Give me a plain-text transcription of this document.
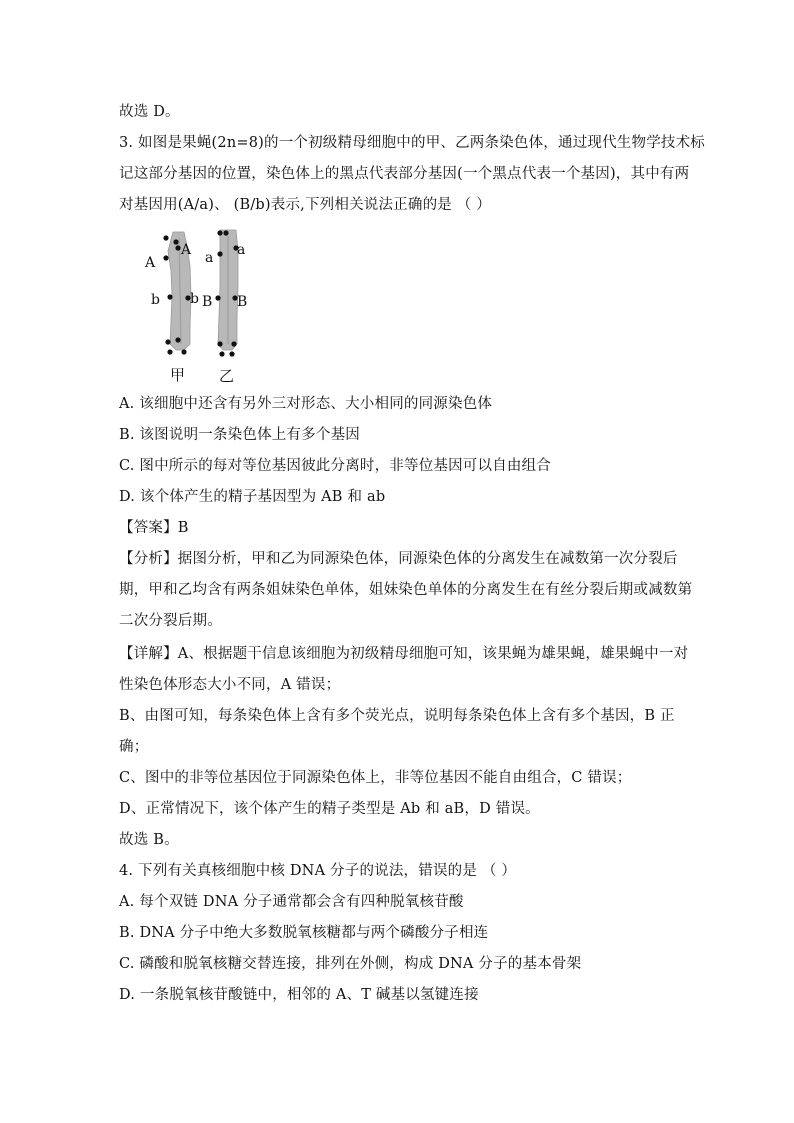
故选 D。
3. 如图是果蝇(2n=8)的一个初级精母细胞中的甲、乙两条染色体，通过现代生物学技术标
记这部分基因的位置，染色体上的黑点代表部分基因(一个黑点代表一个基因)，其中有两
对基因用(A/a)、 (B/b)表示,下列相关说法正确的是 （ ）
A
A
b b
a a
B B
甲 乙
A. 该细胞中还含有另外三对形态、大小相同的同源染色体
B. 该图说明一条染色体上有多个基因
C. 图中所示的每对等位基因彼此分离时，非等位基因可以自由组合
D. 该个体产生的精子基因型为 AB 和 ab
【答案】B
【分析】据图分析，甲和乙为同源染色体，同源染色体的分离发生在减数第一次分裂后
期，甲和乙均含有两条姐妹染色单体，姐妹染色单体的分离发生在有丝分裂后期或减数第
二次分裂后期。
【详解】A、根据题干信息该细胞为初级精母细胞可知，该果蝇为雄果蝇，雄果蝇中一对
性染色体形态大小不同，A 错误；
B、由图可知，每条染色体上含有多个荧光点，说明每条染色体上含有多个基因，B 正
确；
C、图中的非等位基因位于同源染色体上，非等位基因不能自由组合，C 错误；
D、正常情况下，该个体产生的精子类型是 Ab 和 aB，D 错误。
故选 B。
4. 下列有关真核细胞中核 DNA 分子的说法，错误的是 （ ）
A. 每个双链 DNA 分子通常都会含有四种脱氧核苷酸
B. DNA 分子中绝大多数脱氧核糖都与两个磷酸分子相连
C. 磷酸和脱氧核糖交替连接，排列在外侧，构成 DNA 分子的基本骨架
D. 一条脱氧核苷酸链中，相邻的 A、T 碱基以氢键连接
